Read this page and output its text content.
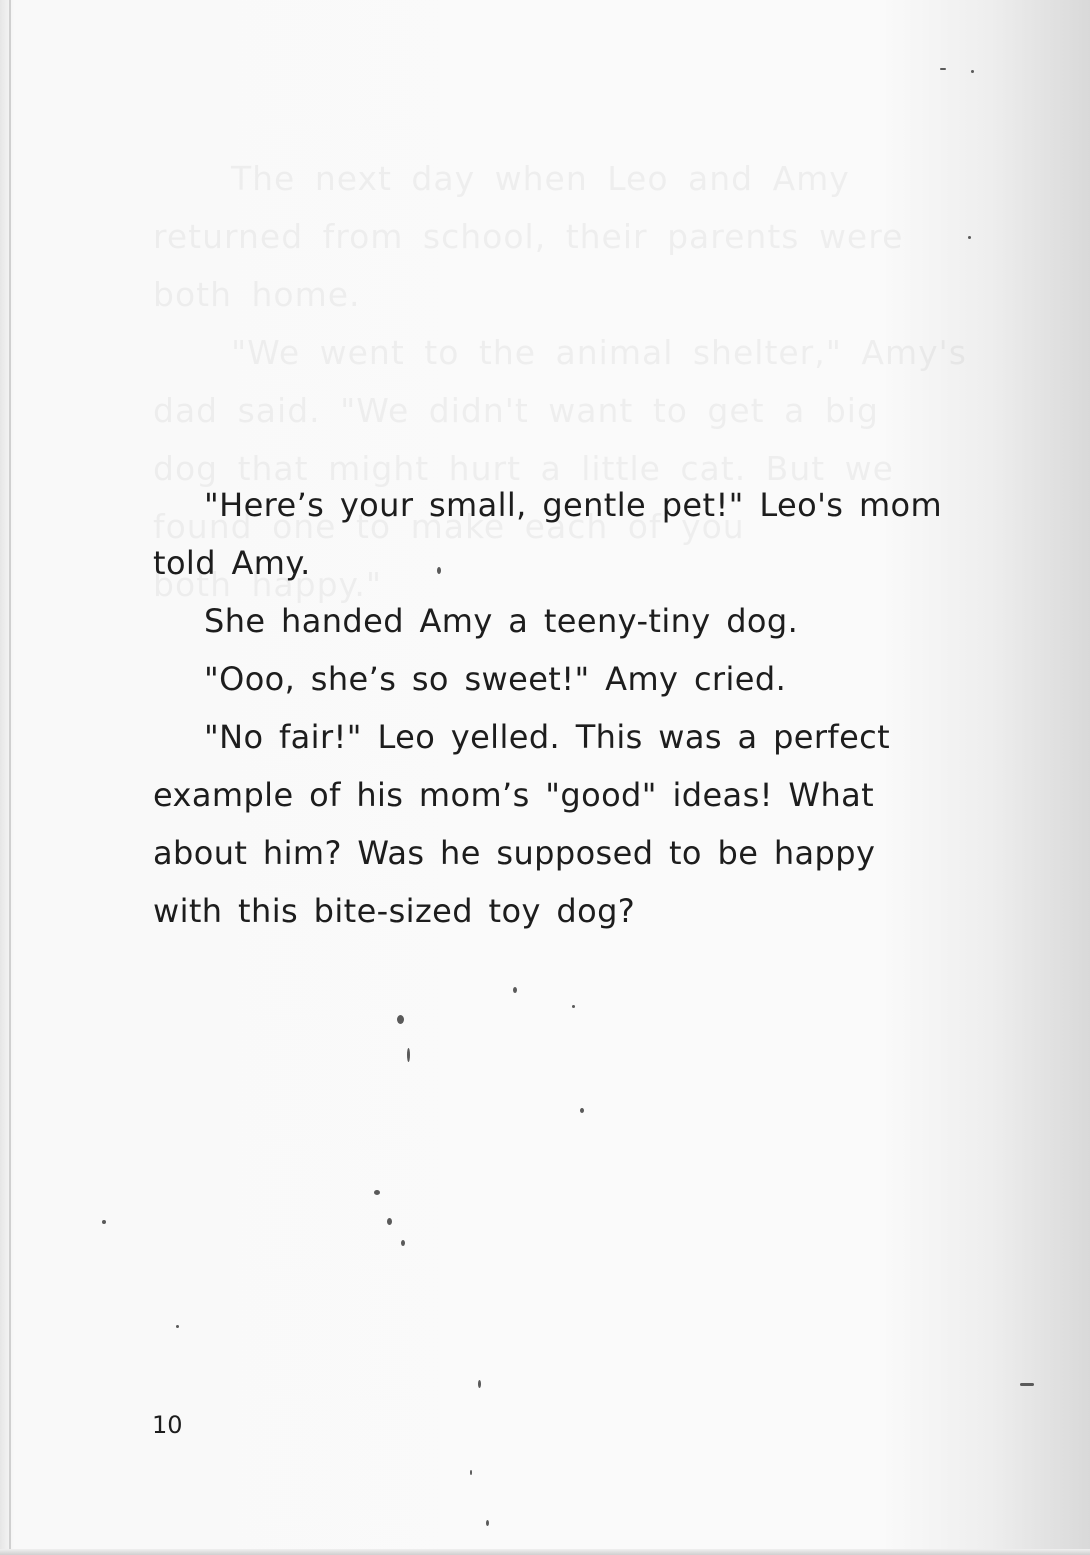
"Here’s your small, gentle pet!" Leo's mom told Amy.

She handed Amy a teeny-tiny dog.

"Ooo, she’s so sweet!" Amy cried.

"No fair!" Leo yelled. This was a perfect example of his mom’s "good" ideas! What about him? Was he supposed to be happy with this bite-sized toy dog?

10
